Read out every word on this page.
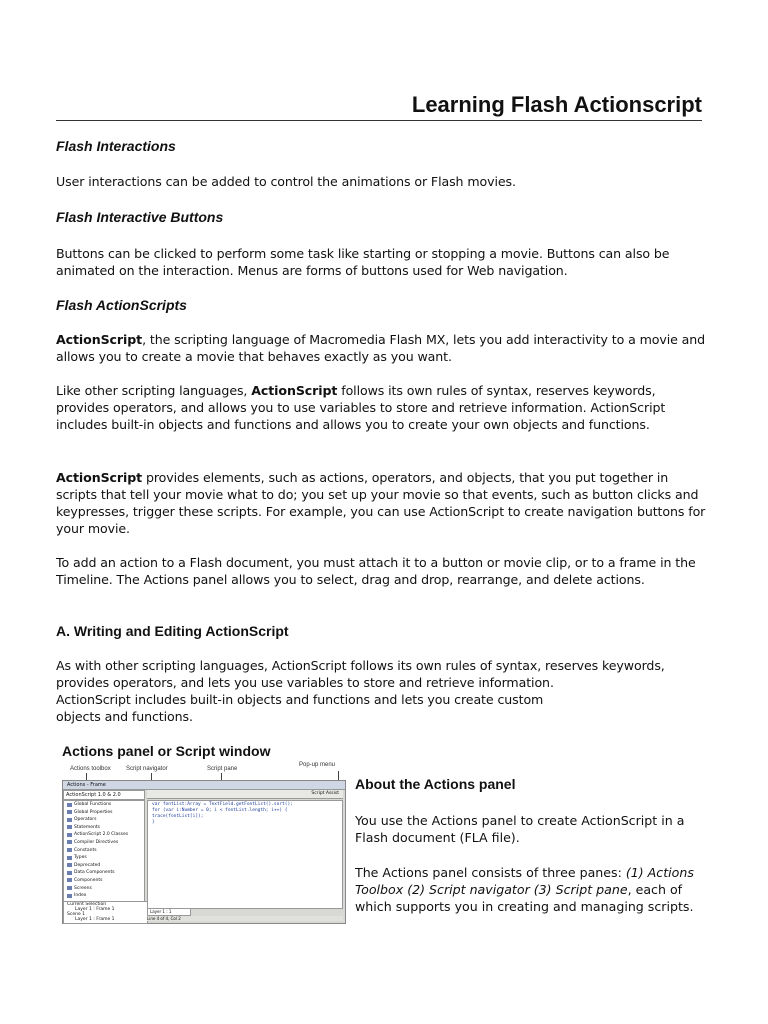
Learning Flash Actionscript
Flash Interactions
User interactions can be added to control the animations or Flash movies.
Flash Interactive Buttons
Buttons can be clicked to perform some task like starting or stopping a movie. Buttons can also be animated on the interaction. Menus are forms of buttons used for Web navigation.
Flash ActionScripts
ActionScript, the scripting language of Macromedia Flash MX, lets you add interactivity to a movie and allows you to create a movie that behaves exactly as you want.
Like other scripting languages, ActionScript follows its own rules of syntax, reserves keywords, provides operators, and allows you to use variables to store and retrieve information. ActionScript includes built-in objects and functions and allows you to create your own objects and functions.
ActionScript provides elements, such as actions, operators, and objects, that you put together in scripts that tell your movie what to do; you set up your movie so that events, such as button clicks and keypresses, trigger these scripts. For example, you can use ActionScript to create navigation buttons for your movie.
To add an action to a Flash document, you must attach it to a button or movie clip, or to a frame in the Timeline. The Actions panel allows you to select, drag and drop, rearrange, and delete actions.
A. Writing and Editing ActionScript
As with other scripting languages, ActionScript follows its own rules of syntax, reserves keywords,
provides operators, and lets you use variables to store and retrieve information.
ActionScript includes built-in objects and functions and lets you create custom
objects and functions.
Actions panel or Script window
Actions toolbox	Script navigator	Script pane
Pop-up menu
Actions - Frame
ActionScript 1.0 & 2.0
Global Functions
Global Properties
Operators
Statements
ActionScript 2.0 Classes
Compiler Directives
Constants
Types
Deprecated
Data Components
Components
Screens
Index
Current Selection
Layer 1 : Frame 1
Scene 1
Layer 1 : Frame 1
Script Assist
var fontList:Array = TextField.getFontList().sort();
for (var i:Number = 0; i < fontList.length; i++) {
trace(fontList[i]);
}
Layer 1 : 1
Line 4 of 4, Col 2
About the Actions panel
You use the Actions panel to create ActionScript in a Flash document (FLA file).
The Actions panel consists of three panes: (1) Actions Toolbox (2) Script navigator (3) Script pane, each of which supports you in creating and managing scripts.
